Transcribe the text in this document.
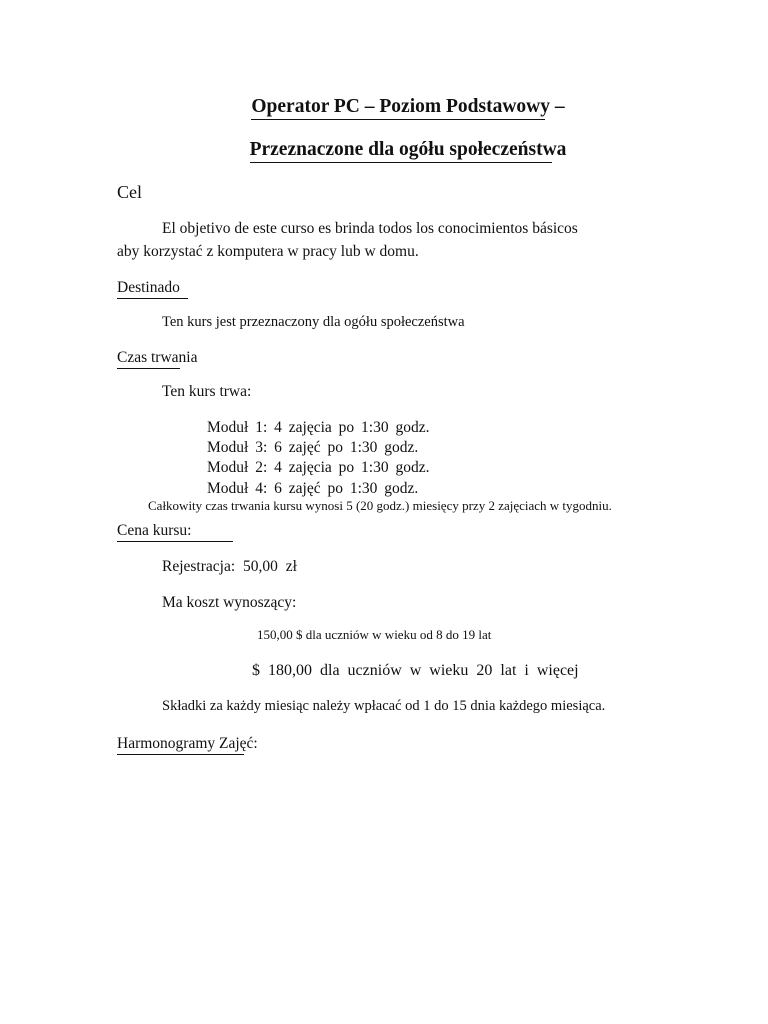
Operator PC – Poziom Podstawowy –
Przeznaczone dla ogółu społeczeństwa
Cel
El objetivo de este curso es brinda todos los conocimientos básicos
aby korzystać z komputera w pracy lub w domu.
Destinado
Ten kurs jest przeznaczony dla ogółu społeczeństwa
Czas trwania
Ten kurs trwa:
Moduł 1: 4 zajęcia po 1:30 godz.
Moduł 3: 6 zajęć po 1:30 godz.
Moduł 2: 4 zajęcia po 1:30 godz.
Moduł 4: 6 zajęć po 1:30 godz.
Całkowity czas trwania kursu wynosi 5 (20 godz.) miesięcy przy 2 zajęciach w tygodniu.
Cena kursu:
Rejestracja: 50,00 zł
Ma koszt wynoszący:
150,00 $ dla uczniów w wieku od 8 do 19 lat
$ 180,00 dla uczniów w wieku 20 lat i więcej
Składki za każdy miesiąc należy wpłacać od 1 do 15 dnia każdego miesiąca.
Harmonogramy Zajęć:
